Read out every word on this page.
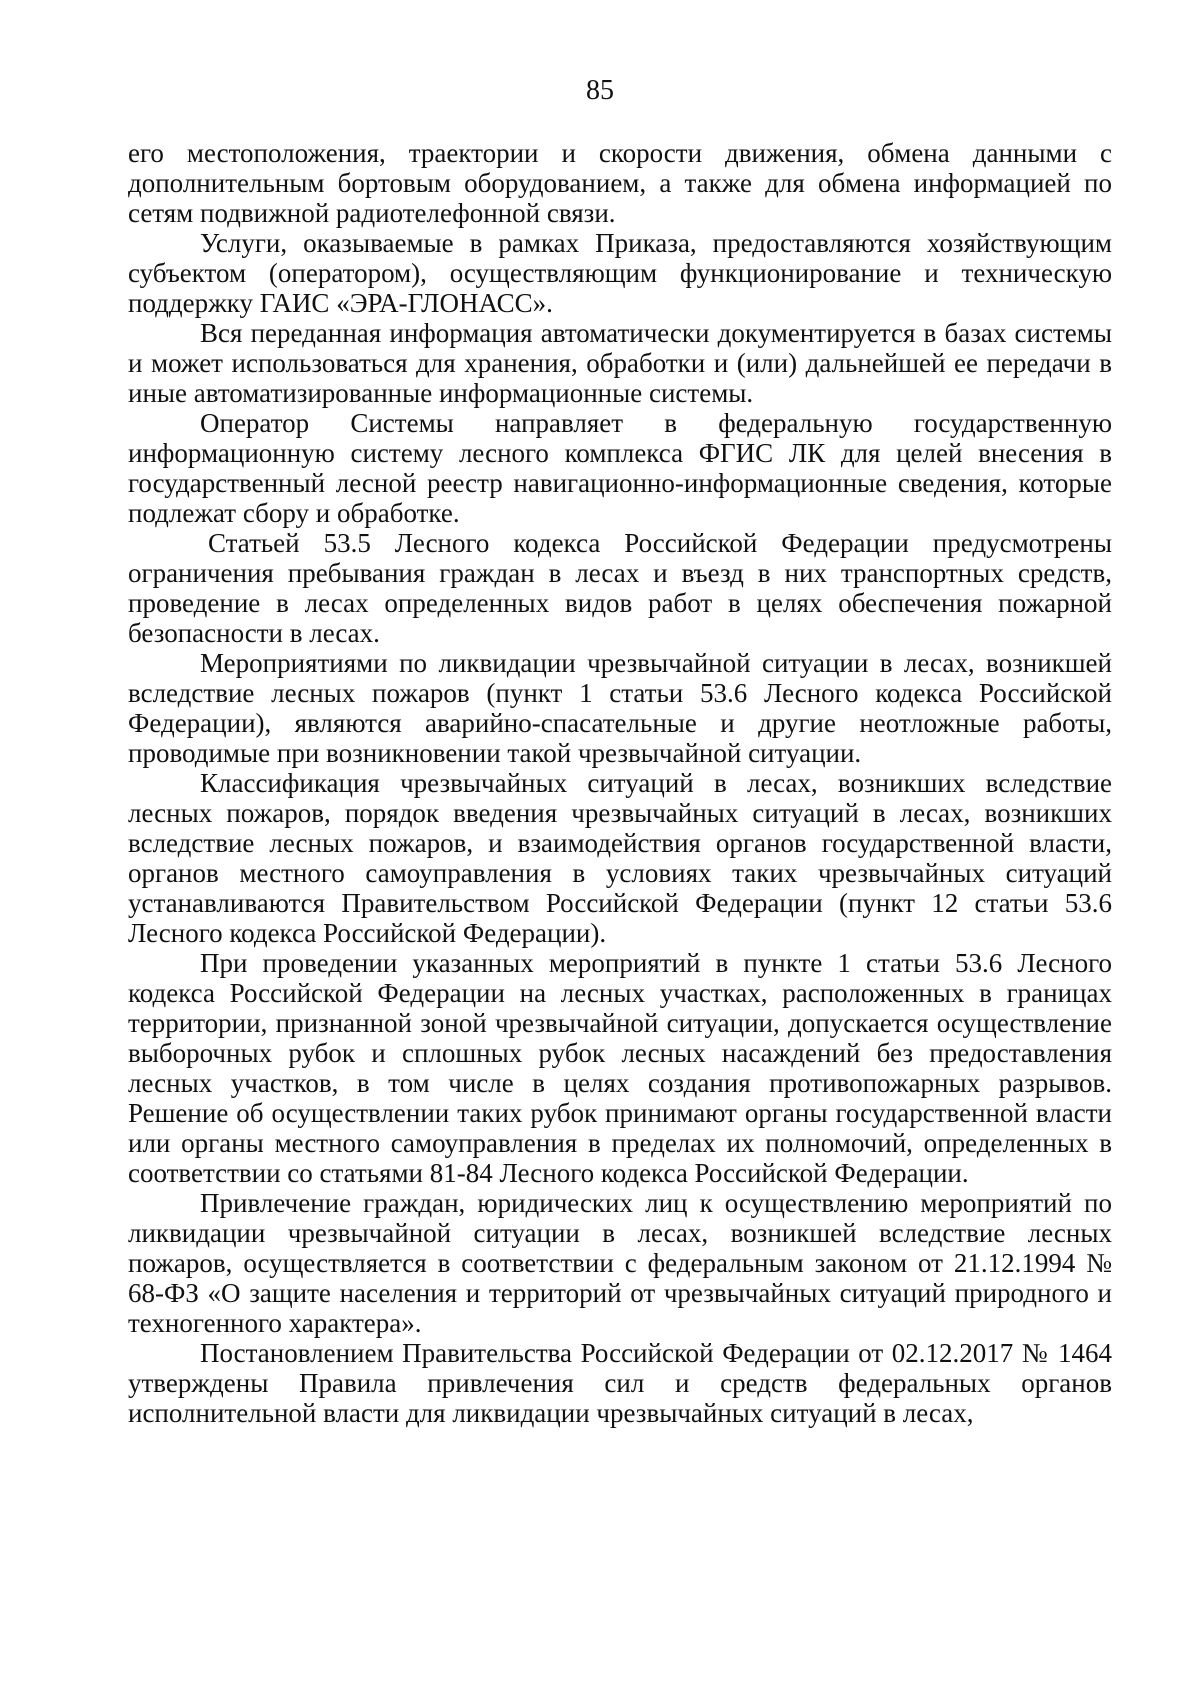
85

его местоположения, траектории и скорости движения, обмена данными с дополнительным бортовым оборудованием, а также для обмена информацией по сетям подвижной радиотелефонной связи.

Услуги, оказываемые в рамках Приказа, предоставляются хозяйствующим субъектом (оператором), осуществляющим функционирование и техническую поддержку ГАИС «ЭРА-ГЛОНАСС».

Вся переданная информация автоматически документируется в базах системы и может использоваться для хранения, обработки и (или) дальнейшей ее передачи в иные автоматизированные информационные системы.

Оператор Системы направляет в федеральную государственную информационную систему лесного комплекса ФГИС ЛК для целей внесения в государственный лесной реестр навигационно-информационные сведения, которые подлежат сбору и обработке.

Статьей 53.5 Лесного кодекса Российской Федерации предусмотрены ограничения пребывания граждан в лесах и въезд в них транспортных средств, проведение в лесах определенных видов работ в целях обеспечения пожарной безопасности в лесах.

Мероприятиями по ликвидации чрезвычайной ситуации в лесах, возникшей вследствие лесных пожаров (пункт 1 статьи 53.6 Лесного кодекса Российской Федерации), являются аварийно-спасательные и другие неотложные работы, проводимые при возникновении такой чрезвычайной ситуации.

Классификация чрезвычайных ситуаций в лесах, возникших вследствие лесных пожаров, порядок введения чрезвычайных ситуаций в лесах, возникших вследствие лесных пожаров, и взаимодействия органов государственной власти, органов местного самоуправления в условиях таких чрезвычайных ситуаций устанавливаются Правительством Российской Федерации (пункт 12 статьи 53.6 Лесного кодекса Российской Федерации).

При проведении указанных мероприятий в пункте 1 статьи 53.6 Лесного кодекса Российской Федерации на лесных участках, расположенных в границах территории, признанной зоной чрезвычайной ситуации, допускается осуществление выборочных рубок и сплошных рубок лесных насаждений без предоставления лесных участков, в том числе в целях создания противопожарных разрывов. Решение об осуществлении таких рубок принимают органы государственной власти или органы местного самоуправления в пределах их полномочий, определенных в соответствии со статьями 81-84 Лесного кодекса Российской Федерации.

Привлечение граждан, юридических лиц к осуществлению мероприятий по ликвидации чрезвычайной ситуации в лесах, возникшей вследствие лесных пожаров, осуществляется в соответствии с федеральным законом от 21.12.1994 № 68-ФЗ «О защите населения и территорий от чрезвычайных ситуаций природного и техногенного характера».

Постановлением Правительства Российской Федерации от 02.12.2017 № 1464 утверждены Правила привлечения сил и средств федеральных органов исполнительной власти для ликвидации чрезвычайных ситуаций в лесах,
